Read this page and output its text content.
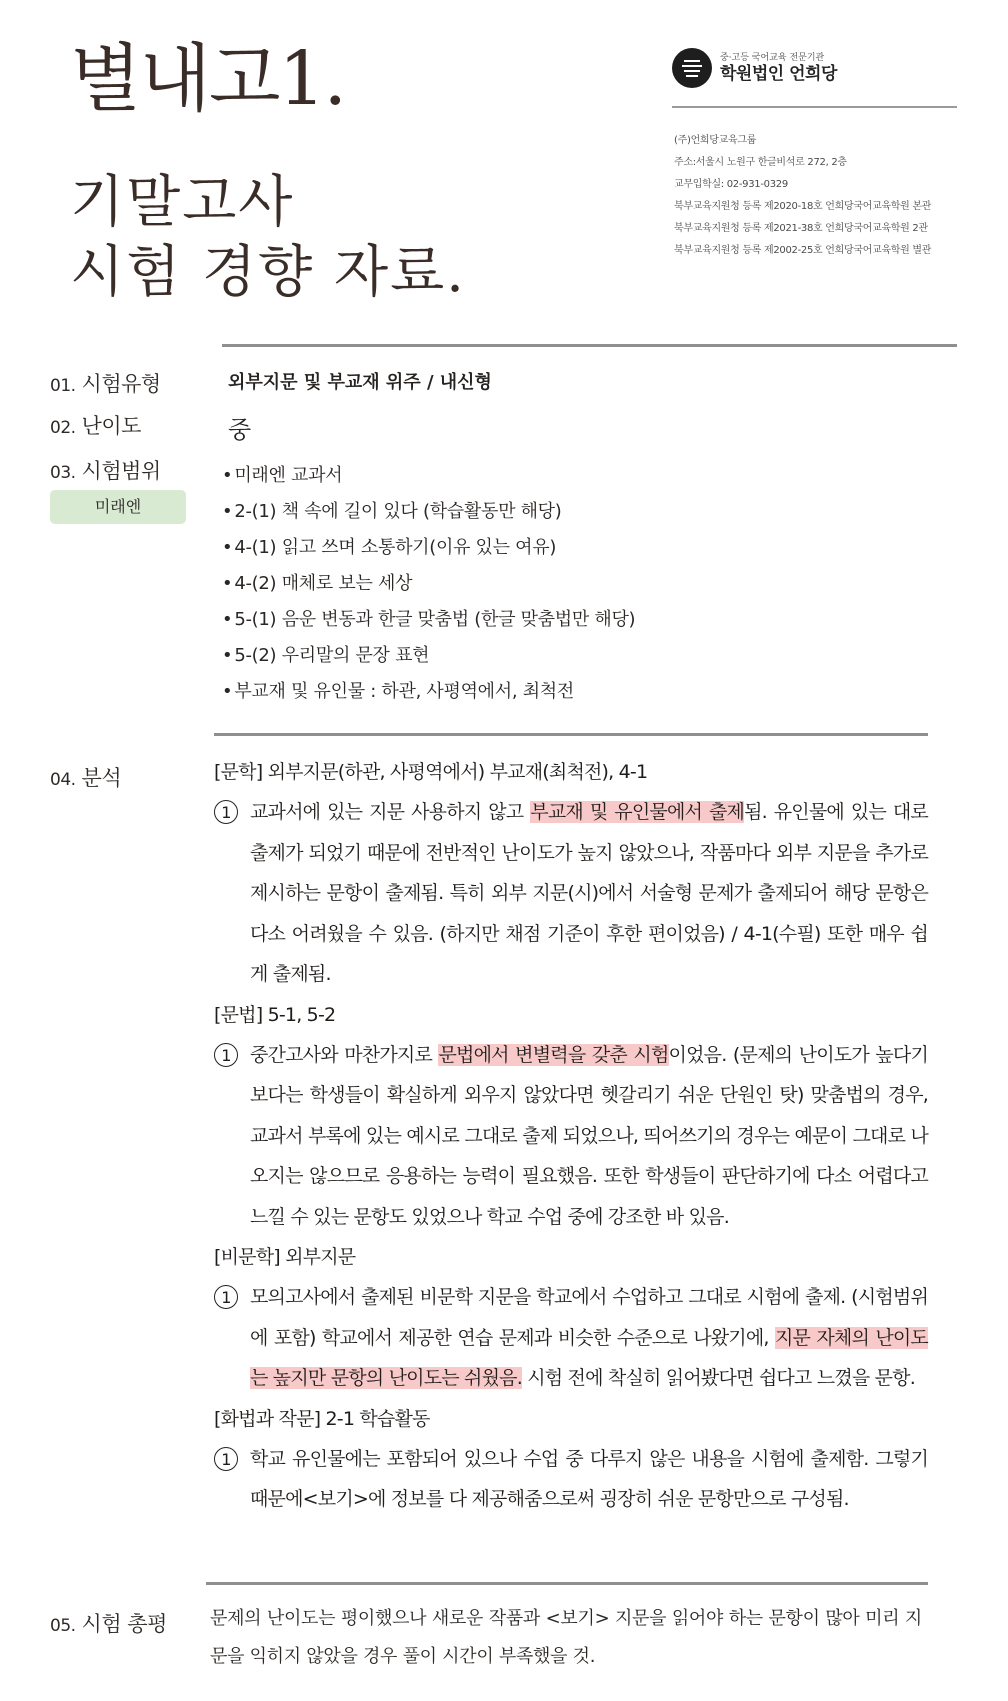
별내고1.
기말고사
시험 경향 자료.
중·고등 국어교육 전문기관
학원법인 언희당
(주)언희당교육그룹
주소:서울시 노원구 한글비석로 272, 2층
교무입학실: 02-931-0329
북부교육지원청 등록 제2020-18호 언희당국어교육학원 본관
북부교육지원청 등록 제2021-38호 언희당국어교육학원 2관
북부교육지원청 등록 제2002-25호 언희당국어교육학원 별관
01. 시험유형	외부지문 및 부교재 위주 / 내신형
02. 난이도	중
03. 시험범위
미래엔
• 미래엔 교과서
• 2-(1) 책 속에 길이 있다 (학습활동만 해당)
• 4-(1) 읽고 쓰며 소통하기(이유 있는 여유)
• 4-(2) 매체로 보는 세상
• 5-(1) 음운 변동과 한글 맞춤법 (한글 맞춤법만 해당)
• 5-(2) 우리말의 문장 표현
• 부교재 및 유인물 : 하관, 사평역에서, 최척전
04. 분석	[문학] 외부지문(하관, 사평역에서) 부교재(최척전), 4-1
1	교과서에 있는 지문 사용하지 않고 부교재 및 유인물에서 출제됨. 유인물에 있는 대로 출제가 되었기 때문에 전반적인 난이도가 높지 않았으나, 작품마다 외부 지문을 추가로 제시하는 문항이 출제됨. 특히 외부 지문(시)에서 서술형 문제가 출제되어 해당 문항은 다소 어려웠을 수 있음. (하지만 채점 기준이 후한 편이었음) / 4-1(수필) 또한 매우 쉽게 출제됨.
[문법] 5-1, 5-2
1	중간고사와 마찬가지로 문법에서 변별력을 갖춘 시험이었음. (문제의 난이도가 높다기보다는 학생들이 확실하게 외우지 않았다면 헷갈리기 쉬운 단원인 탓) 맞춤법의 경우, 교과서 부록에 있는 예시로 그대로 출제 되었으나, 띄어쓰기의 경우는 예문이 그대로 나오지는 않으므로 응용하는 능력이 필요했음. 또한 학생들이 판단하기에 다소 어렵다고 느낄 수 있는 문항도 있었으나 학교 수업 중에 강조한 바 있음.
[비문학] 외부지문
1	모의고사에서 출제된 비문학 지문을 학교에서 수업하고 그대로 시험에 출제. (시험범위에 포함) 학교에서 제공한 연습 문제과 비슷한 수준으로 나왔기에, 지문 자체의 난이도는 높지만 문항의 난이도는 쉬웠음. 시험 전에 착실히 읽어봤다면 쉽다고 느꼈을 문항.
[화법과 작문] 2-1 학습활동
1	학교 유인물에는 포함되어 있으나 수업 중 다루지 않은 내용을 시험에 출제함. 그렇기 때문에<보기>에 정보를 다 제공해줌으로써 굉장히 쉬운 문항만으로 구성됨.
05. 시험 총평 문제의 난이도는 평이했으나 새로운 작품과 <보기> 지문을 읽어야 하는 문항이 많아 미리 지문을 익히지 않았을 경우 풀이 시간이 부족했을 것.
